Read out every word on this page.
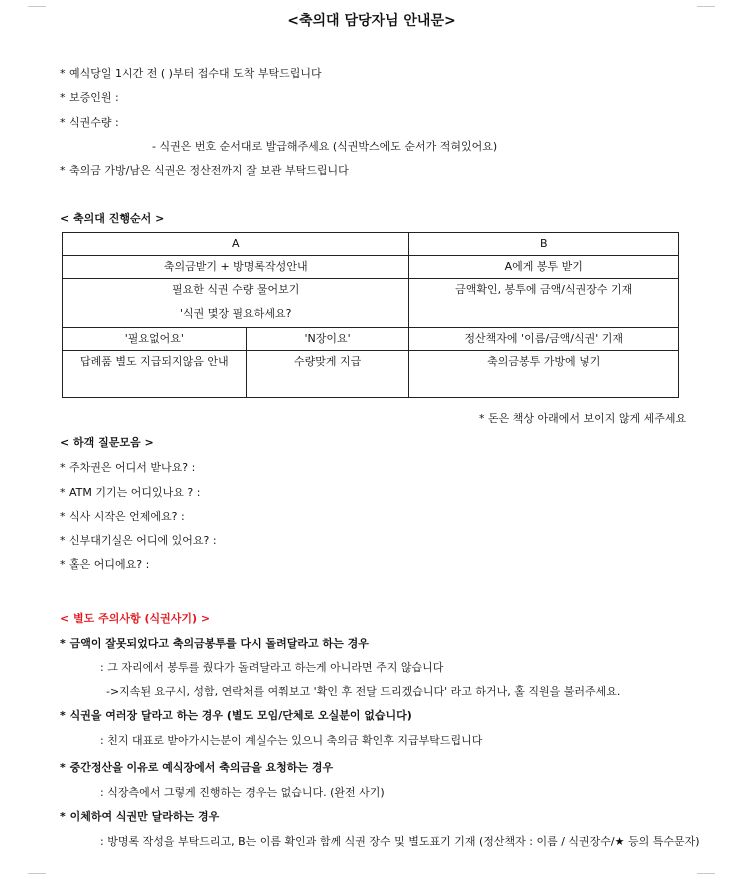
<축의대 담당자님 안내문>
* 예식당일 1시간 전 ( )부터 접수대 도착 부탁드립니다
* 보증인원 :
* 식권수량 :
- 식권은 번호 순서대로 발급해주세요 (식권박스에도 순서가 적혀있어요)
* 축의금 가방/남은 식권은 정산전까지 잘 보관 부탁드립니다
< 축의대 진행순서 >
A		B
축의금받기 + 방명록작성안내		A에게 봉투 받기

필요한 식권 수량 물어보기
'식권 몇장 필요하세요?		금액확인, 봉투에 금액/식권장수 기재
'필요없어요'	'N장이요'	정산책자에 '이름/금액/식권' 기재
답례품 별도 지급되지않음 안내	수량맞게 지급	축의금봉투 가방에 넣기
* 돈은 책상 아래에서 보이지 않게 세주세요
< 하객 질문모음 >
* 주차권은 어디서 받나요? :
* ATM 기기는 어디있나요 ? :
* 식사 시작은 언제에요? :
* 신부대기실은 어디에 있어요? :
* 홀은 어디에요? :
< 별도 주의사항 (식권사기) >
* 금액이 잘못되었다고 축의금봉투를 다시 돌려달라고 하는 경우
: 그 자리에서 봉투를 줬다가 돌려달라고 하는게 아니라면 주지 않습니다
->지속된 요구시, 성함, 연락처를 여쭤보고 '확인 후 전달 드리겠습니다' 라고 하거나, 홀 직원을 불러주세요.
* 식권을 여러장 달라고 하는 경우 (별도 모임/단체로 오실분이 없습니다)
: 친지 대표로 받아가시는분이 계실수는 있으니 축의금 확인후 지급부탁드립니다
* 중간정산을 이유로 예식장에서 축의금을 요청하는 경우
: 식장측에서 그렇게 진행하는 경우는 없습니다. (완전 사기)
* 이체하여 식권만 달라하는 경우
: 방명록 작성을 부탁드리고, B는 이름 확인과 함께 식권 장수 및 별도표기 기재 (정산책자 : 이름 / 식권장수/★ 등의 특수문자)
